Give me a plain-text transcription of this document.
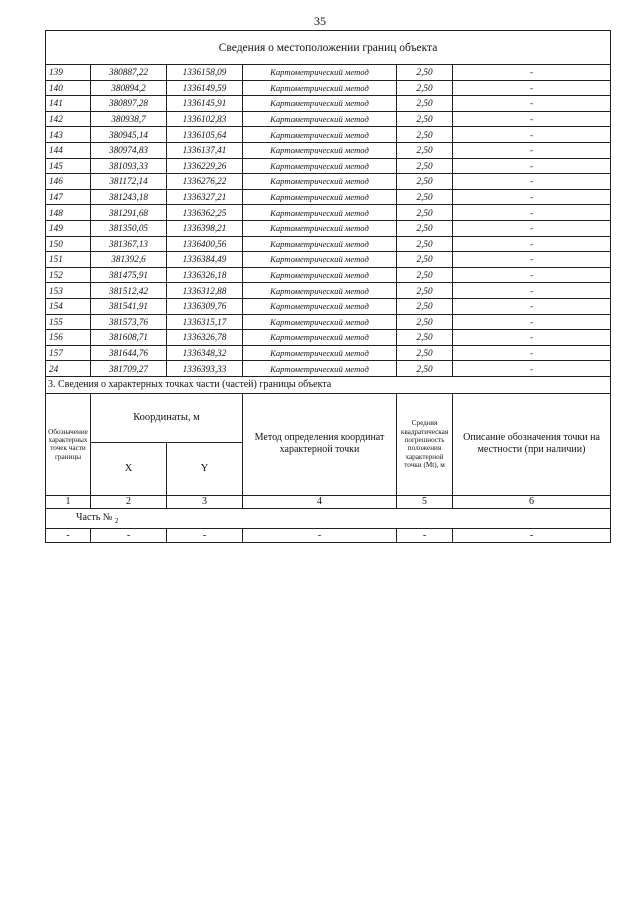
35
Сведения о местоположении границ объекта					
139	380887,22	1336158,09	Картометрический метод	2,50	-
140	380894,2	1336149,59	Картометрический метод	2,50	-
141	380897,28	1336145,91	Картометрический метод	2,50	-
142	380938,7	1336102,83	Картометрический метод	2,50	-
143	380945,14	1336105,64	Картометрический метод	2,50	-
144	380974,83	1336137,41	Картометрический метод	2,50	-
145	381093,33	1336229,26	Картометрический метод	2,50	-
146	381172,14	1336276,22	Картометрический метод	2,50	-
147	381243,18	1336327,21	Картометрический метод	2,50	-
148	381291,68	1336362,25	Картометрический метод	2,50	-
149	381350,05	1336398,21	Картометрический метод	2,50	-
150	381367,13	1336400,56	Картометрический метод	2,50	-
151	381392,6	1336384,49	Картометрический метод	2,50	-
152	381475,91	1336326,18	Картометрический метод	2,50	-
153	381512,42	1336312,88	Картометрический метод	2,50	-
154	381541,91	1336309,76	Картометрический метод	2,50	-
155	381573,76	1336315,17	Картометрический метод	2,50	-
156	381608,71	1336326,78	Картометрический метод	2,50	-
157	381644,76	1336348,32	Картометрический метод	2,50	-
24	381709,27	1336393,33	Картометрический метод	2,50	-
3. Сведения о характерных точках части (частей) границы объекта					
Обозначение характерных точек части границы	Координаты, м		Метод определения координат характерной точки	Средняя квадратическая погрешность положения характерной точки (Мt), м	Описание обозначения точки на местности (при наличии)
	X	Y			
1	2	3	4	5	6
Часть № $_2$
-	-	-	-	-	-
